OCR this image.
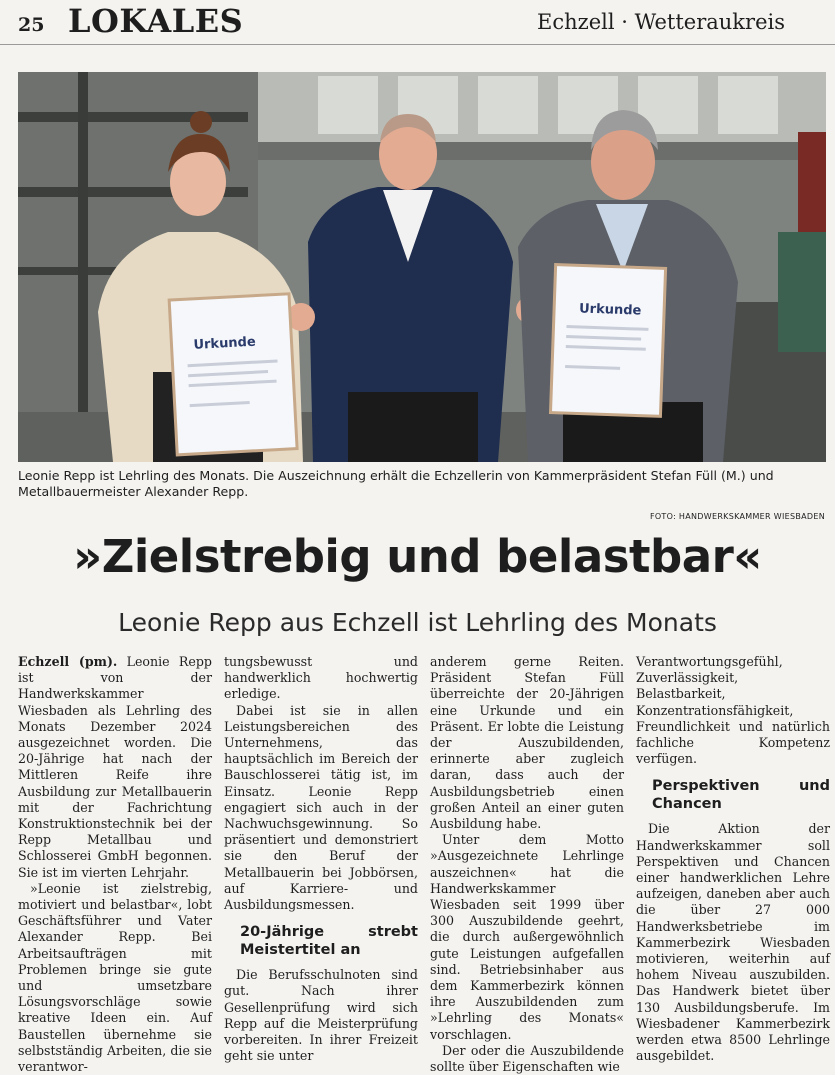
25 LOKALES	Echzell · Wetteraukreis
Urkunde
Urkunde
Leonie Repp ist Lehrling des Monats. Die Auszeichnung erhält die Echzellerin von Kammerpräsident Stefan Füll (M.) und Metallbauermeister Alexander Repp.
FOTO: HANDWERKSKAMMER WIESBADEN
»Zielstrebig und belastbar«
Leonie Repp aus Echzell ist Lehrling des Monats

Echzell (pm). Leonie Repp ist von der Handwerkskammer Wiesbaden als Lehrling des Monats Dezember 2024 ausgezeichnet worden. Die 20-Jährige hat nach der Mittleren Reife ihre Ausbildung zur Metallbauerin mit der Fachrichtung Konstruktionstechnik bei der Repp Metallbau und Schlosserei GmbH begonnen. Sie ist im vierten Lehrjahr.

»Leonie ist zielstrebig, motiviert und belastbar«, lobt Geschäftsführer und Vater Alexander Repp. Bei Arbeitsaufträgen mit Problemen bringe sie gute und umsetzbare Lösungsvorschläge sowie kreative Ideen ein. Auf Baustellen übernehme sie selbstständig Arbeiten, die sie verantwor-

tungsbewusst und handwerklich hochwertig erledige.

Dabei ist sie in allen Leistungsbereichen des Unternehmens, das hauptsächlich im Bereich der Bauschlosserei tätig ist, im Einsatz. Leonie Repp engagiert sich auch in der Nachwuchsgewinnung. So präsentiert und demonstriert sie den Beruf der Metallbauerin bei Jobbörsen, auf Karriere- und Ausbildungsmessen.

20-Jährige strebt Meistertitel an

Die Berufsschulnoten sind gut. Nach ihrer Gesellenprüfung wird sich Repp auf die Meisterprüfung vorbereiten. In ihrer Freizeit geht sie unter

anderem gerne Reiten. Präsident Stefan Füll überreichte der 20-Jährigen eine Urkunde und ein Präsent. Er lobte die Leistung der Auszubildenden, erinnerte aber zugleich daran, dass auch der Ausbildungsbetrieb einen großen Anteil an einer guten Ausbildung habe.

Unter dem Motto »Ausgezeichnete Lehrlinge auszeichnen« hat die Handwerkskammer Wiesbaden seit 1999 über 300 Auszubildende geehrt, die durch außergewöhnlich gute Leistungen aufgefallen sind. Betriebsinhaber aus dem Kammerbezirk können ihre Auszubildenden zum »Lehrling des Monats« vorschlagen.

Der oder die Auszubildende sollte über Eigenschaften wie

Verantwortungsgefühl, Zuverlässigkeit, Belastbarkeit, Konzentrationsfähigkeit, Freundlichkeit und natürlich fachliche Kompetenz verfügen.

Perspektiven und Chancen

Die Aktion der Handwerkskammer soll Perspektiven und Chancen einer handwerklichen Lehre aufzeigen, daneben aber auch die über 27 000 Handwerksbetriebe im Kammerbezirk Wiesbaden motivieren, weiterhin auf hohem Niveau auszubilden. Das Handwerk bietet über 130 Ausbildungsberufe. Im Wiesbadener Kammerbezirk werden etwa 8500 Lehrlinge ausgebildet.
